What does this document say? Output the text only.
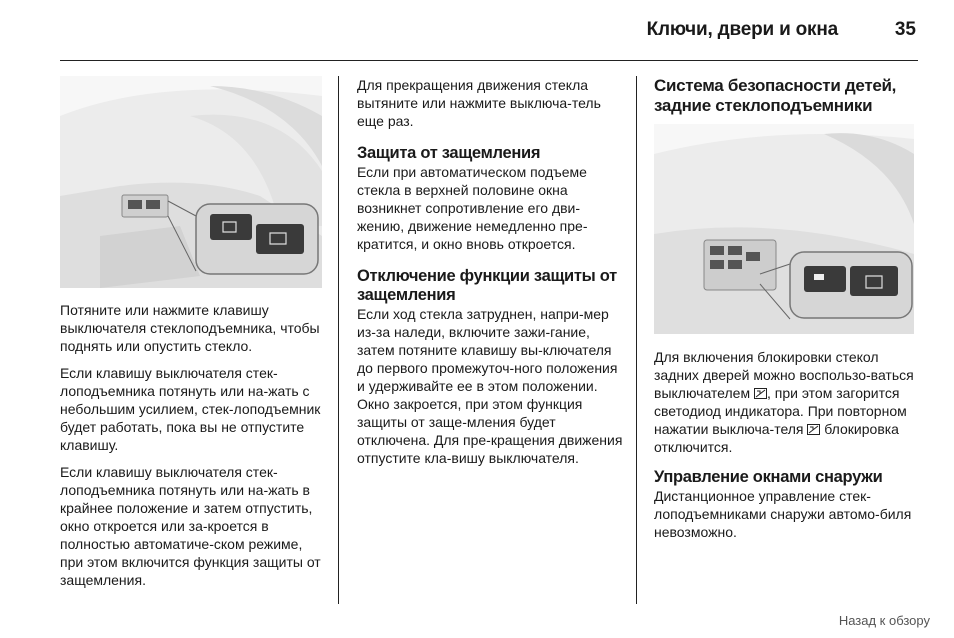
Ключи, двери и окна	35

Потяните или нажмите клавишу выключателя стеклоподъемника, чтобы поднять или опустить стекло.

Если клавишу выключателя стек-лоподъемника потянуть или на-жать с небольшим усилием, стек-лоподъемник будет работать, пока вы не отпустите клавишу.

Если клавишу выключателя стек-лоподъемника потянуть или на-жать в крайнее положение и затем отпустить, окно откроется или за-кроется в полностью автоматиче-ском режиме, при этом включится функция защиты от защемления.

Для прекращения движения стекла вытяните или нажмите выключа-тель еще раз.

Защита от защемления

Если при автоматическом подъеме стекла в верхней половине окна возникнет сопротивление его дви-жению, движение немедленно пре-кратится, и окно вновь откроется.

Отключение функции защиты от защемления

Если ход стекла затруднен, напри-мер из-за наледи, включите зажи-гание, затем потяните клавишу вы-ключателя до первого промежуточ-ного положения и удерживайте ее в этом положении. Окно закроется, при этом функция защиты от защe-мления будет отключена. Для пре-кращения движения отпустите кла-вишу выключателя.

Система безопасности детей, задние стеклоподъемники

Для включения блокировки стекол задних дверей можно воспользо-ваться выключателем , при этом загорится светодиод индикатора. При повторном нажатии выключа-теля  блокировка отключится.

Управление окнами снаружи

Дистанционное управление стек-лоподъемниками снаружи автомо-биля невозможно.

Назад к обзору
